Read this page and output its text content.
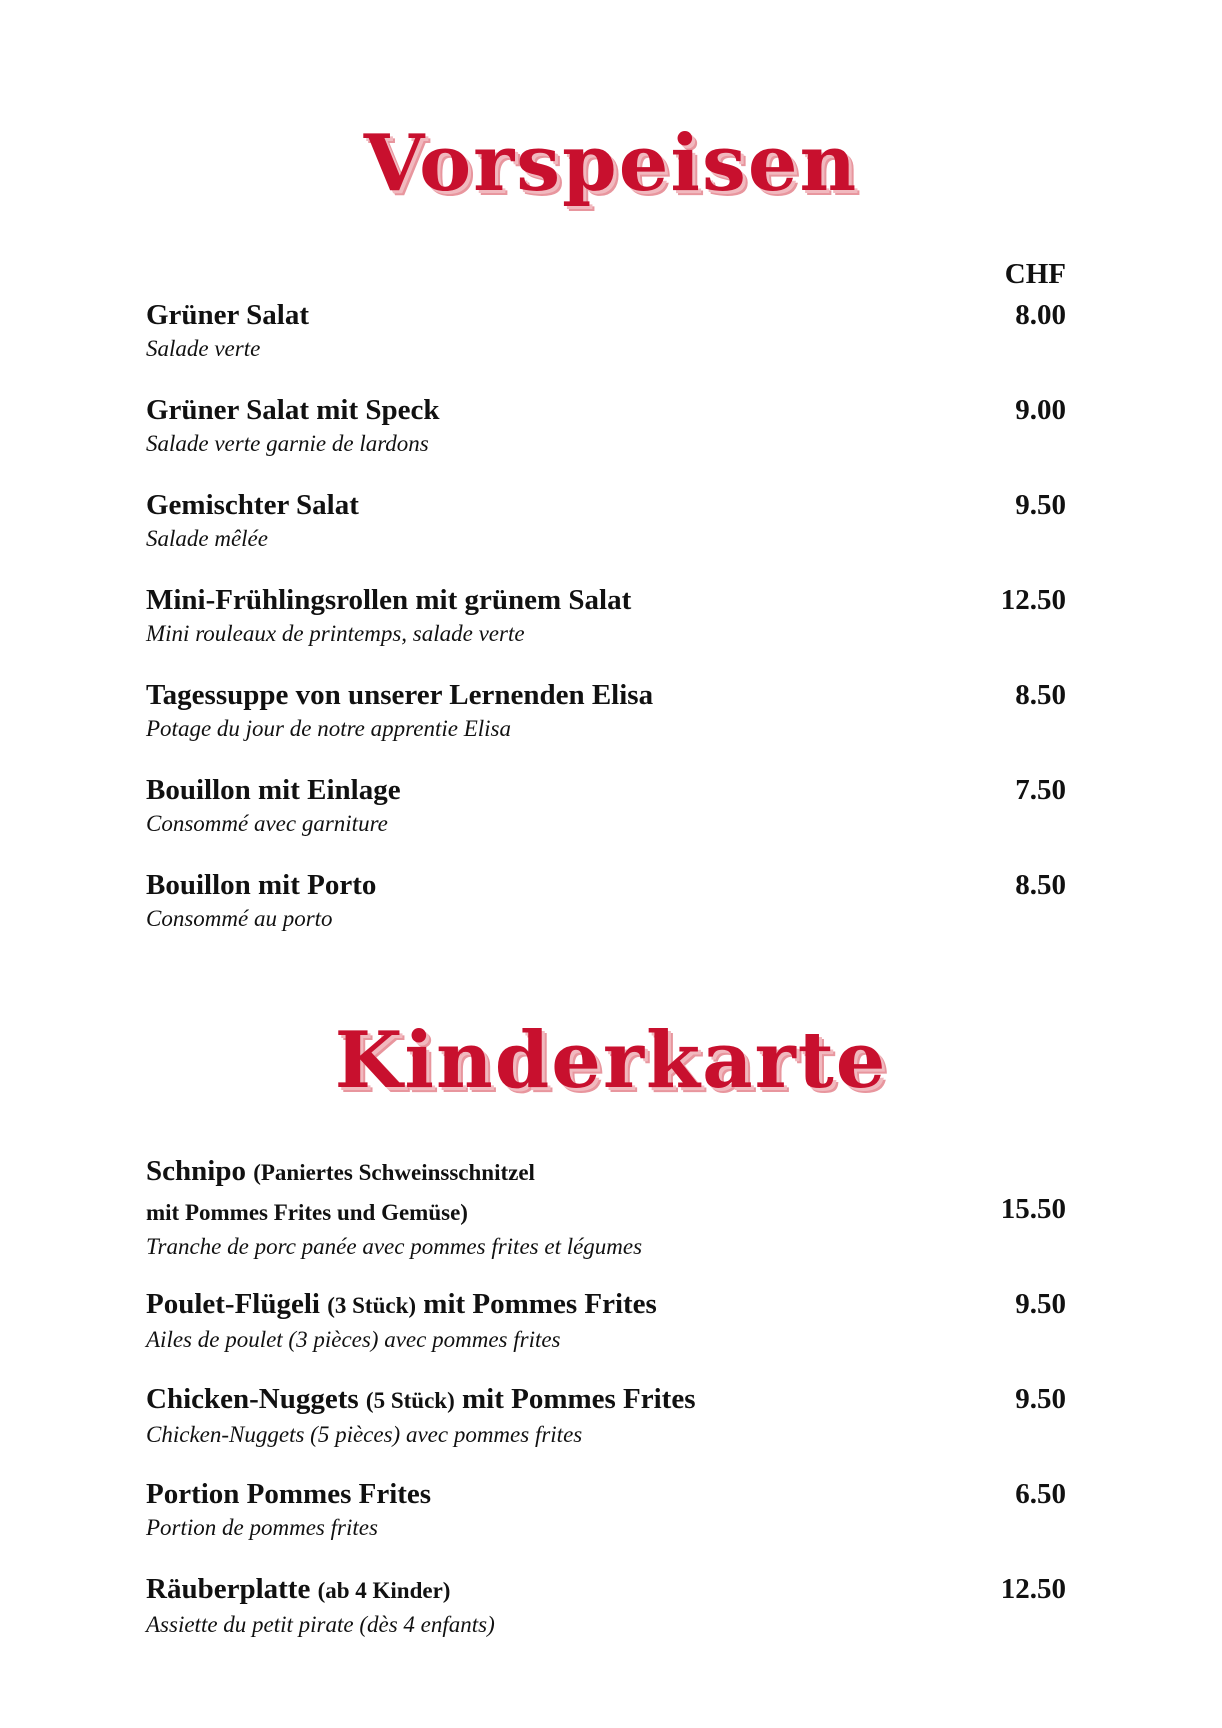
Vorspeisen
CHF
Grüner Salat	8.00
Salade verte
Grüner Salat mit Speck	9.00
Salade verte garnie de lardons
Gemischter Salat	9.50
Salade mêlée
Mini-Frühlingsrollen mit grünem Salat	12.50
Mini rouleaux de printemps, salade verte
Tagessuppe von unserer Lernenden Elisa	8.50
Potage du jour de notre apprentie Elisa
Bouillon mit Einlage	7.50
Consommé avec garniture
Bouillon mit Porto	8.50
Consommé au porto
Kinderkarte
Schnipo (Paniertes Schweinsschnitzel
mit Pommes Frites und Gemüse)	15.50
Tranche de porc panée avec pommes frites et légumes
Poulet-Flügeli (3 Stück) mit Pommes Frites	9.50
Ailes de poulet (3 pièces) avec pommes frites
Chicken-Nuggets (5 Stück) mit Pommes Frites	9.50
Chicken-Nuggets (5 pièces) avec pommes frites
Portion Pommes Frites	6.50
Portion de pommes frites
Räuberplatte (ab 4 Kinder)	12.50
Assiette du petit pirate (dès 4 enfants)
